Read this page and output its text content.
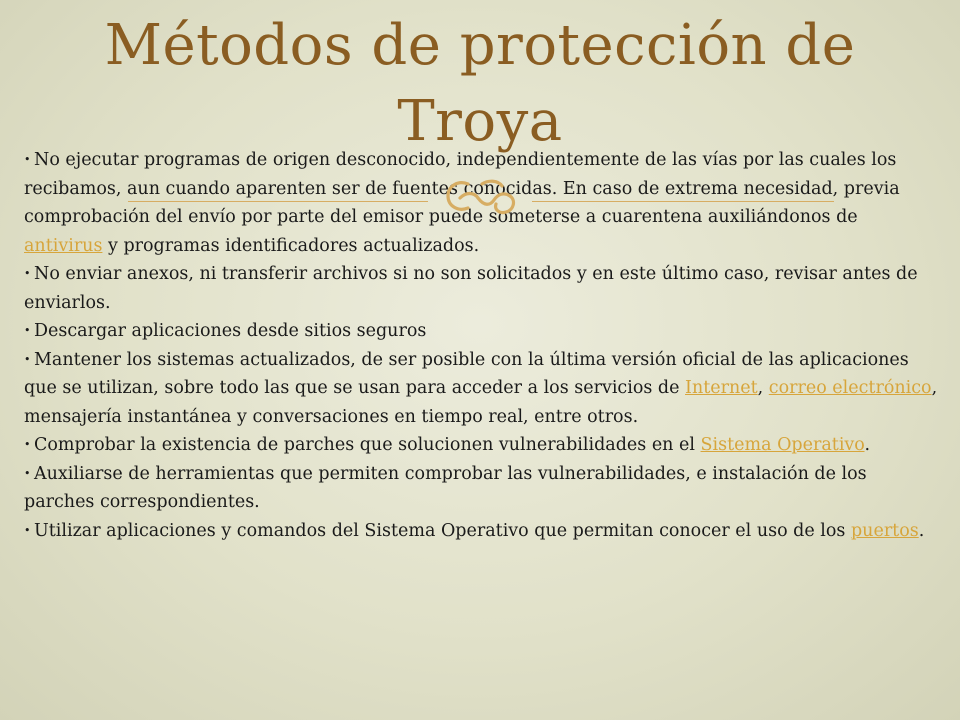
Métodos de protección de Troya
• No ejecutar programas de origen desconocido, independientemente de las vías por las cuales los recibamos, aun cuando aparenten ser de fuentes conocidas. En caso de extrema necesidad, previa comprobación del envío por parte del emisor puede someterse a cuarentena auxiliándonos de antivirus y programas identificadores actualizados.
• No enviar anexos, ni transferir archivos si no son solicitados y en este último caso, revisar antes de enviarlos.
• Descargar aplicaciones desde sitios seguros
• Mantener los sistemas actualizados, de ser posible con la última versión oficial de las aplicaciones que se utilizan, sobre todo las que se usan para acceder a los servicios de Internet, correo electrónico, mensajería instantánea y conversaciones en tiempo real, entre otros.
• Comprobar la existencia de parches que solucionen vulnerabilidades en el Sistema Operativo.
• Auxiliarse de herramientas que permiten comprobar las vulnerabilidades, e instalación de los parches correspondientes.
• Utilizar aplicaciones y comandos del Sistema Operativo que permitan conocer el uso de los puertos.
